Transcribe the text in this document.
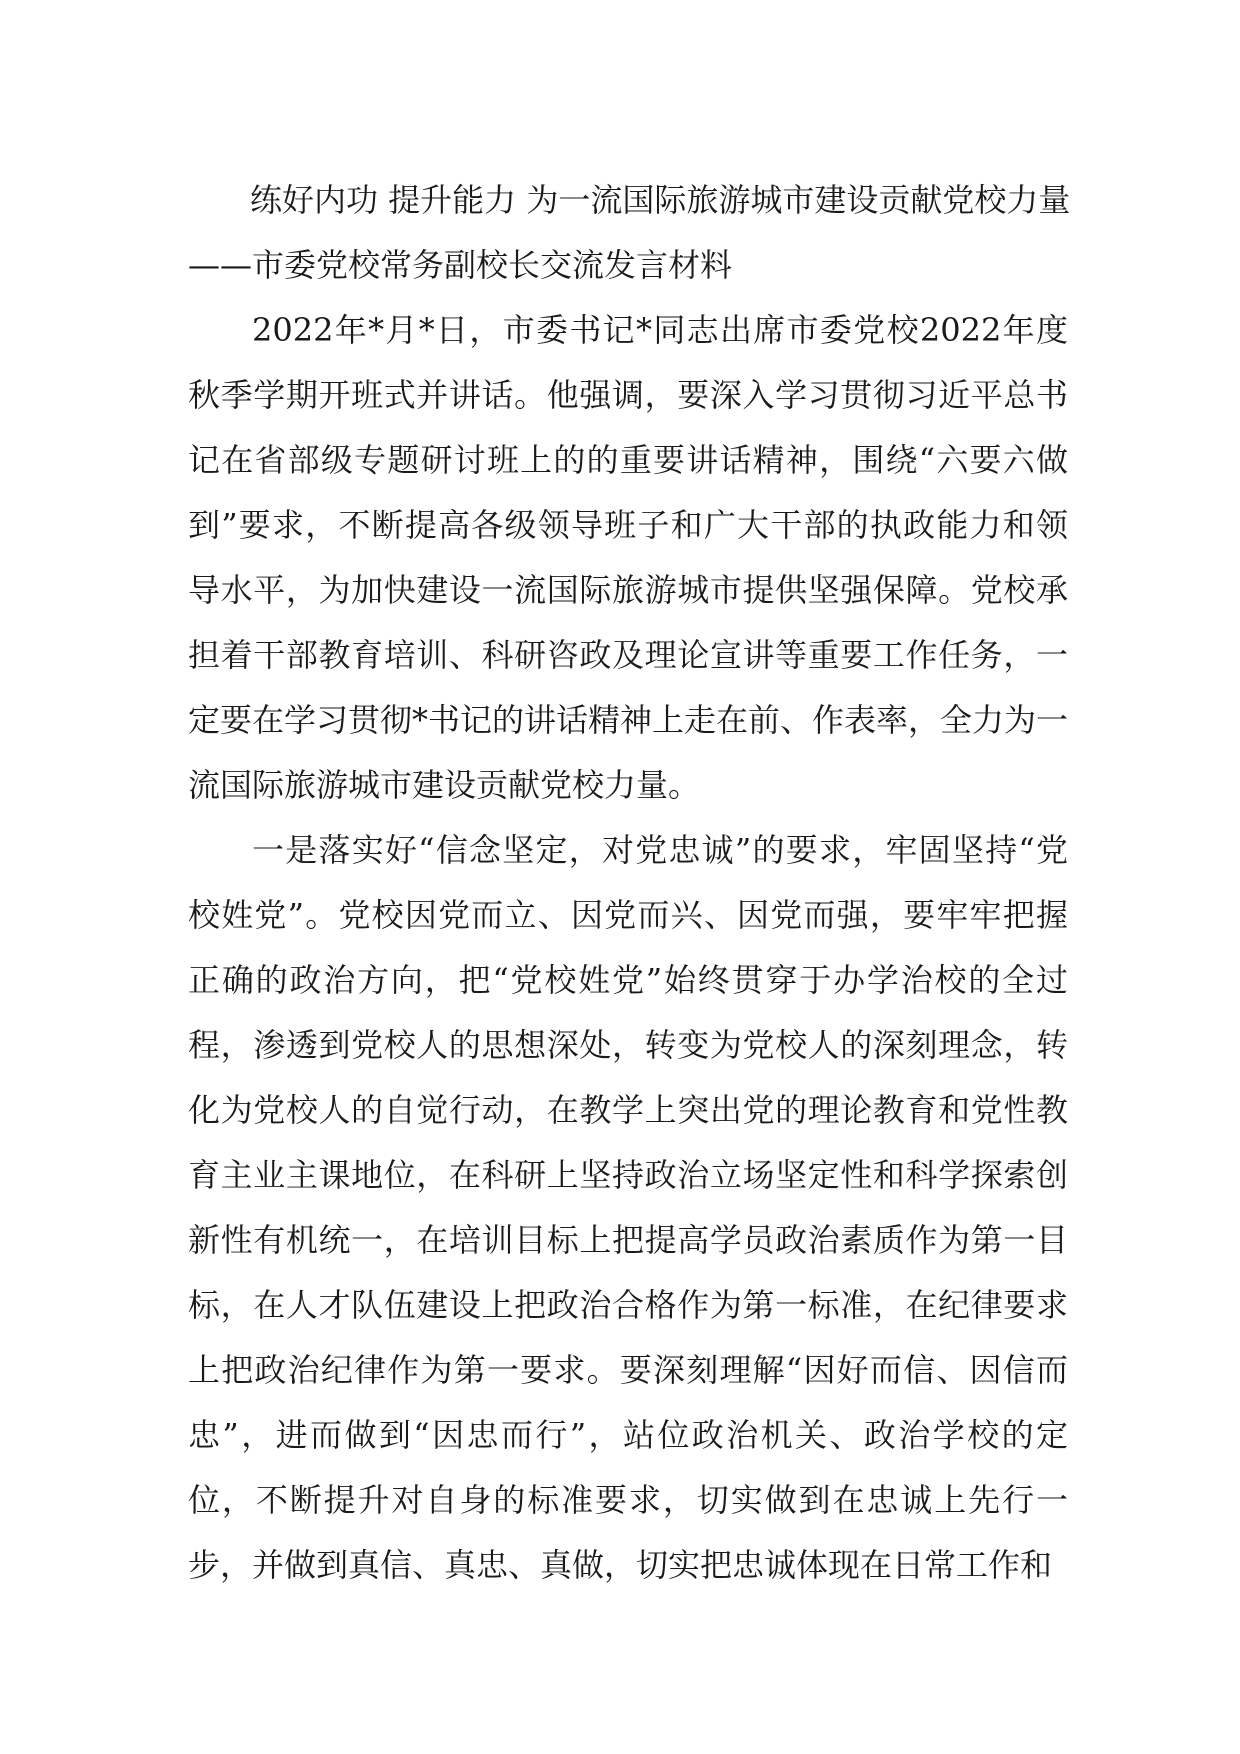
练好内功 提升能力 为一流国际旅游城市建设贡献党校力量
——市委党校常务副校长交流发言材料

2022年*月*日，市委书记*同志出席市委党校2022年度秋季学期开班式并讲话。他强调，要深入学习贯彻习近平总书记在省部级专题研讨班上的的重要讲话精神，围绕“六要六做到”要求，不断提高各级领导班子和广大干部的执政能力和领导水平，为加快建设一流国际旅游城市提供坚强保障。党校承担着干部教育培训、科研咨政及理论宣讲等重要工作任务，一定要在学习贯彻*书记的讲话精神上走在前、作表率，全力为一流国际旅游城市建设贡献党校力量。

一是落实好“信念坚定，对党忠诚”的要求，牢固坚持“党校姓党”。党校因党而立、因党而兴、因党而强，要牢牢把握正确的政治方向，把“党校姓党”始终贯穿于办学治校的全过程，渗透到党校人的思想深处，转变为党校人的深刻理念，转化为党校人的自觉行动，在教学上突出党的理论教育和党性教育主业主课地位，在科研上坚持政治立场坚定性和科学探索创新性有机统一，在培训目标上把提高学员政治素质作为第一目标，在人才队伍建设上把政治合格作为第一标准，在纪律要求上把政治纪律作为第一要求。要深刻理解“因好而信、因信而忠”，进而做到“因忠而行”，站位政治机关、政治学校的定位，不断提升对自身的标准要求，切实做到在忠诚上先行一步，并做到真信、真忠、真做，切实把忠诚体现在日常工作和
